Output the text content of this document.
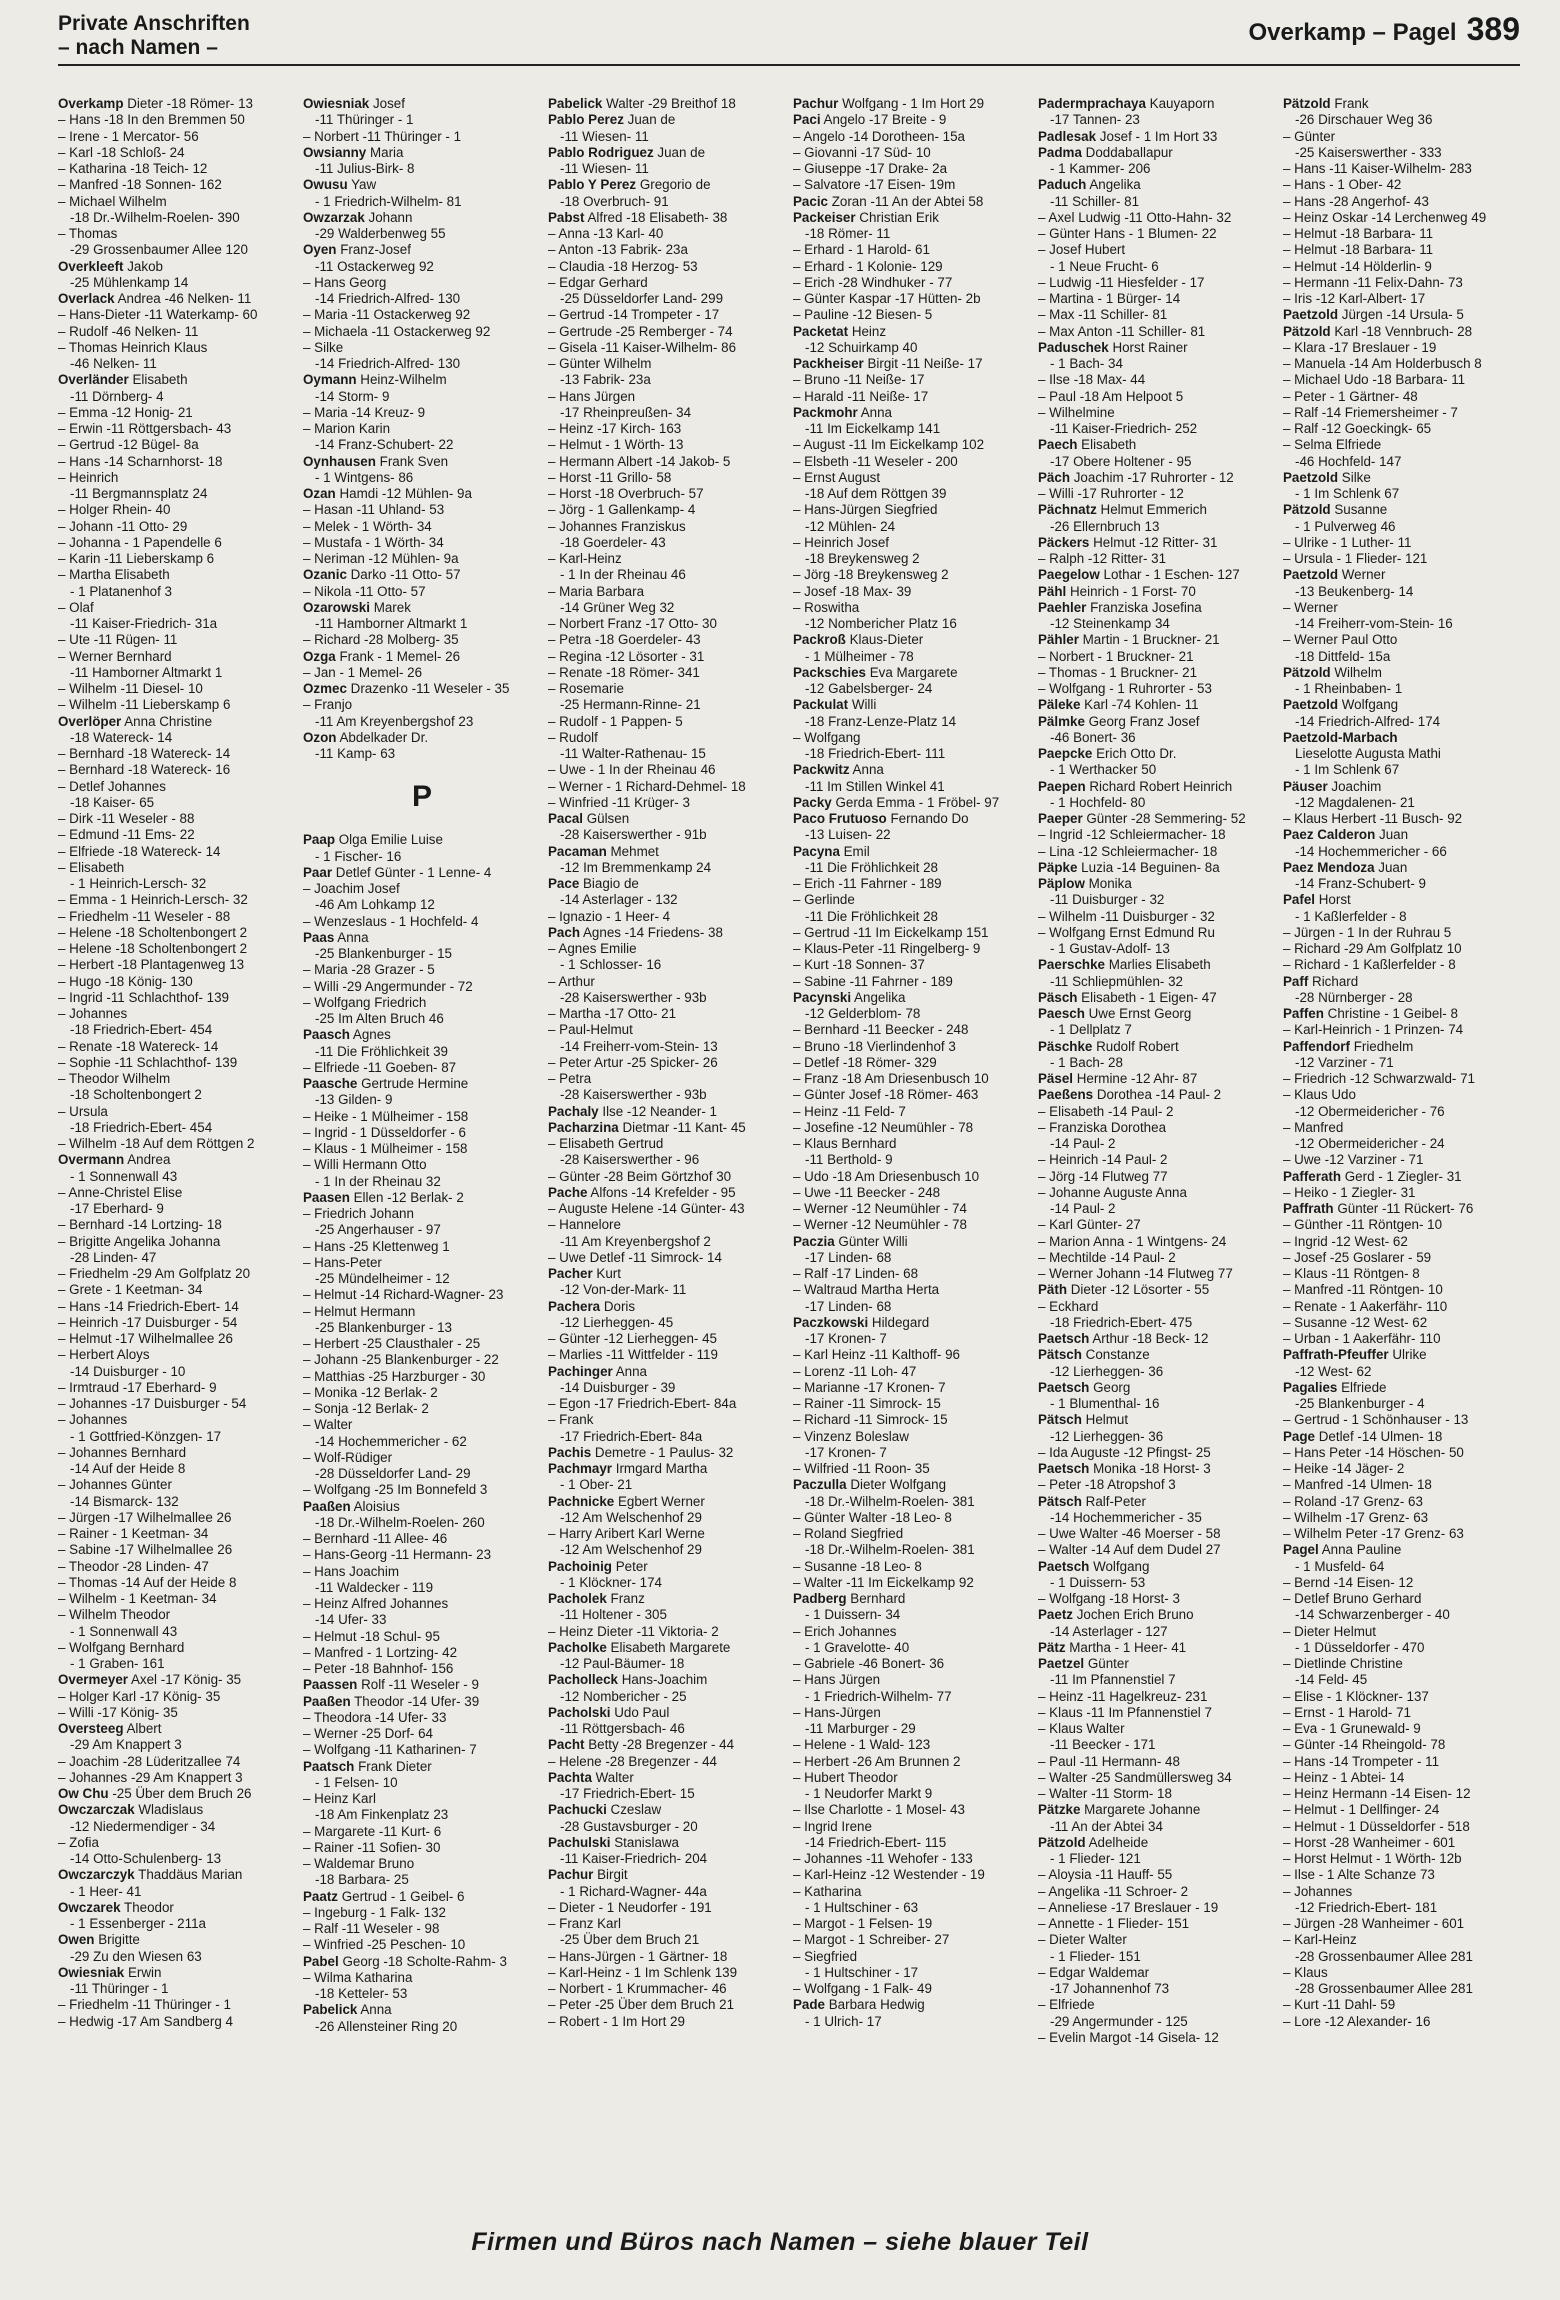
Private Anschriften
– nach Namen –
Overkamp – Pagel 389
Overkamp Dieter -18 Römer- 13
– Hans -18 In den Bremmen 50
– Irene - 1 Mercator- 56
– Karl -18 Schloß- 24
– Katharina -18 Teich- 12
– Manfred -18 Sonnen- 162
– Michael Wilhelm
-18 Dr.-Wilhelm-Roelen- 390
– Thomas
-29 Grossenbaumer Allee 120
Overkleeft Jakob
-25 Mühlenkamp 14
Overlack Andrea -46 Nelken- 11
– Hans-Dieter -11 Waterkamp- 60
– Rudolf -46 Nelken- 11
– Thomas Heinrich Klaus
-46 Nelken- 11
Overländer Elisabeth
-11 Dörnberg- 4
– Emma -12 Honig- 21
– Erwin -11 Röttgersbach- 43
– Gertrud -12 Bügel- 8a
– Hans -14 Scharnhorst- 18
– Heinrich
-11 Bergmannsplatz 24
– Holger Rhein- 40
– Johann -11 Otto- 29
– Johanna - 1 Papendelle 6
– Karin -11 Lieberskamp 6
– Martha Elisabeth
- 1 Platanenhof 3
– Olaf
-11 Kaiser-Friedrich- 31a
– Ute -11 Rügen- 11
– Werner Bernhard
-11 Hamborner Altmarkt 1
– Wilhelm -11 Diesel- 10
– Wilhelm -11 Lieberskamp 6
Overlöper Anna Christine
-18 Watereck- 14
– Bernhard -18 Watereck- 14
– Bernhard -18 Watereck- 16
– Detlef Johannes
-18 Kaiser- 65
– Dirk -11 Weseler - 88
– Edmund -11 Ems- 22
– Elfriede -18 Watereck- 14
– Elisabeth
- 1 Heinrich-Lersch- 32
– Emma - 1 Heinrich-Lersch- 32
– Friedhelm -11 Weseler - 88
– Helene -18 Scholtenbongert 2
– Helene -18 Scholtenbongert 2
– Herbert -18 Plantagenweg 13
– Hugo -18 König- 130
– Ingrid -11 Schlachthof- 139
– Johannes
-18 Friedrich-Ebert- 454
– Renate -18 Watereck- 14
– Sophie -11 Schlachthof- 139
– Theodor Wilhelm
-18 Scholtenbongert 2
– Ursula
-18 Friedrich-Ebert- 454
– Wilhelm -18 Auf dem Röttgen 2
Overmann Andrea
- 1 Sonnenwall 43
– Anne-Christel Elise
-17 Eberhard- 9
– Bernhard -14 Lortzing- 18
– Brigitte Angelika Johanna
-28 Linden- 47
– Friedhelm -29 Am Golfplatz 20
– Grete - 1 Keetman- 34
– Hans -14 Friedrich-Ebert- 14
– Heinrich -17 Duisburger - 54
– Helmut -17 Wilhelmallee 26
– Herbert Aloys
-14 Duisburger - 10
– Irmtraud -17 Eberhard- 9
– Johannes -17 Duisburger - 54
– Johannes
- 1 Gottfried-Könzgen- 17
– Johannes Bernhard
-14 Auf der Heide 8
– Johannes Günter
-14 Bismarck- 132
– Jürgen -17 Wilhelmallee 26
– Rainer - 1 Keetman- 34
– Sabine -17 Wilhelmallee 26
– Theodor -28 Linden- 47
– Thomas -14 Auf der Heide 8
– Wilhelm - 1 Keetman- 34
– Wilhelm Theodor
- 1 Sonnenwall 43
– Wolfgang Bernhard
- 1 Graben- 161
Overmeyer Axel -17 König- 35
– Holger Karl -17 König- 35
– Willi -17 König- 35
Oversteeg Albert
-29 Am Knappert 3
– Joachim -28 Lüderitzallee 74
– Johannes -29 Am Knappert 3
Ow Chu -25 Über dem Bruch 26
Owczarczak Wladislaus
-12 Niedermendiger - 34
– Zofia
-14 Otto-Schulenberg- 13
Owczarczyk Thaddäus Marian
- 1 Heer- 41
Owczarek Theodor
- 1 Essenberger - 211a
Owen Brigitte
-29 Zu den Wiesen 63
Owiesniak Erwin
-11 Thüringer - 1
– Friedhelm -11 Thüringer - 1
– Hedwig -17 Am Sandberg 4
Owiesniak Josef
-11 Thüringer - 1
– Norbert -11 Thüringer - 1
Owsianny Maria
-11 Julius-Birk- 8
Owusu Yaw
- 1 Friedrich-Wilhelm- 81
Owzarzak Johann
-29 Walderbenweg 55
Oyen Franz-Josef
-11 Ostackerweg 92
– Hans Georg
-14 Friedrich-Alfred- 130
– Maria -11 Ostackerweg 92
– Michaela -11 Ostackerweg 92
– Silke
-14 Friedrich-Alfred- 130
Oymann Heinz-Wilhelm
-14 Storm- 9
– Maria -14 Kreuz- 9
– Marion Karin
-14 Franz-Schubert- 22
Oynhausen Frank Sven
- 1 Wintgens- 86
Ozan Hamdi -12 Mühlen- 9a
– Hasan -11 Uhland- 53
– Melek - 1 Wörth- 34
– Mustafa - 1 Wörth- 34
– Neriman -12 Mühlen- 9a
Ozanic Darko -11 Otto- 57
– Nikola -11 Otto- 57
Ozarowski Marek
-11 Hamborner Altmarkt 1
– Richard -28 Molberg- 35
Ozga Frank - 1 Memel- 26
– Jan - 1 Memel- 26
Ozmec Drazenko -11 Weseler - 35
– Franjo
-11 Am Kreyenbergshof 23
Ozon Abdelkader Dr.
-11 Kamp- 63
P
Paap Olga Emilie Luise
- 1 Fischer- 16
Paar Detlef Günter - 1 Lenne- 4
– Joachim Josef
-46 Am Lohkamp 12
– Wenzeslaus - 1 Hochfeld- 4
Paas Anna
-25 Blankenburger - 15
– Maria -28 Grazer - 5
– Willi -29 Angermunder - 72
– Wolfgang Friedrich
-25 Im Alten Bruch 46
Paasch Agnes
-11 Die Fröhlichkeit 39
– Elfriede -11 Goeben- 87
Paasche Gertrude Hermine
-13 Gilden- 9
– Heike - 1 Mülheimer - 158
– Ingrid - 1 Düsseldorfer - 6
– Klaus - 1 Mülheimer - 158
– Willi Hermann Otto
- 1 In der Rheinau 32
Paasen Ellen -12 Berlak- 2
– Friedrich Johann
-25 Angerhauser - 97
– Hans -25 Klettenweg 1
– Hans-Peter
-25 Mündelheimer - 12
– Helmut -14 Richard-Wagner- 23
– Helmut Hermann
-25 Blankenburger - 13
– Herbert -25 Clausthaler - 25
– Johann -25 Blankenburger - 22
– Matthias -25 Harzburger - 30
– Monika -12 Berlak- 2
– Sonja -12 Berlak- 2
– Walter
-14 Hochemmericher - 62
– Wolf-Rüdiger
-28 Düsseldorfer Land- 29
– Wolfgang -25 Im Bonnefeld 3
Paaßen Aloisius
-18 Dr.-Wilhelm-Roelen- 260
– Bernhard -11 Allee- 46
– Hans-Georg -11 Hermann- 23
– Hans Joachim
-11 Waldecker - 119
– Heinz Alfred Johannes
-14 Ufer- 33
– Helmut -18 Schul- 95
– Manfred - 1 Lortzing- 42
– Peter -18 Bahnhof- 156
Paassen Rolf -11 Weseler - 9
Paaßen Theodor -14 Ufer- 39
– Theodora -14 Ufer- 33
– Werner -25 Dorf- 64
– Wolfgang -11 Katharinen- 7
Paatsch Frank Dieter
- 1 Felsen- 10
– Heinz Karl
-18 Am Finkenplatz 23
– Margarete -11 Kurt- 6
– Rainer -11 Sofien- 30
– Waldemar Bruno
-18 Barbara- 25
Paatz Gertrud - 1 Geibel- 6
– Ingeburg - 1 Falk- 132
– Ralf -11 Weseler - 98
– Winfried -25 Peschen- 10
Pabel Georg -18 Scholte-Rahm- 3
– Wilma Katharina
-18 Ketteler- 53
Pabelick Anna
-26 Allensteiner Ring 20
Pabelick Walter -29 Breithof 18
Pablo Perez Juan de
-11 Wiesen- 11
Pablo Rodriguez Juan de
-11 Wiesen- 11
Pablo Y Perez Gregorio de
-18 Overbruch- 91
Pabst Alfred -18 Elisabeth- 38
– Anna -13 Karl- 40
– Anton -13 Fabrik- 23a
– Claudia -18 Herzog- 53
– Edgar Gerhard
-25 Düsseldorfer Land- 299
– Gertrud -14 Trompeter - 17
– Gertrude -25 Remberger - 74
– Gisela -11 Kaiser-Wilhelm- 86
– Günter Wilhelm
-13 Fabrik- 23a
– Hans Jürgen
-17 Rheinpreußen- 34
– Heinz -17 Kirch- 163
– Helmut - 1 Wörth- 13
– Hermann Albert -14 Jakob- 5
– Horst -11 Grillo- 58
– Horst -18 Overbruch- 57
– Jörg - 1 Gallenkamp- 4
– Johannes Franziskus
-18 Goerdeler- 43
– Karl-Heinz
- 1 In der Rheinau 46
– Maria Barbara
-14 Grüner Weg 32
– Norbert Franz -17 Otto- 30
– Petra -18 Goerdeler- 43
– Regina -12 Lösorter - 31
– Renate -18 Römer- 341
– Rosemarie
-25 Hermann-Rinne- 21
– Rudolf - 1 Pappen- 5
– Rudolf
-11 Walter-Rathenau- 15
– Uwe - 1 In der Rheinau 46
– Werner - 1 Richard-Dehmel- 18
– Winfried -11 Krüger- 3
Pacal Gülsen
-28 Kaiserswerther - 91b
Pacaman Mehmet
-12 Im Bremmenkamp 24
Pace Biagio de
-14 Asterlager - 132
– Ignazio - 1 Heer- 4
Pach Agnes -14 Friedens- 38
– Agnes Emilie
- 1 Schlosser- 16
– Arthur
-28 Kaiserswerther - 93b
– Martha -17 Otto- 21
– Paul-Helmut
-14 Freiherr-vom-Stein- 13
– Peter Artur -25 Spicker- 26
– Petra
-28 Kaiserswerther - 93b
Pachaly Ilse -12 Neander- 1
Pacharzina Dietmar -11 Kant- 45
– Elisabeth Gertrud
-28 Kaiserswerther - 96
– Günter -28 Beim Görtzhof 30
Pache Alfons -14 Krefelder - 95
– Auguste Helene -14 Günter- 43
– Hannelore
-11 Am Kreyenbergshof 2
– Uwe Detlef -11 Simrock- 14
Pacher Kurt
-12 Von-der-Mark- 11
Pachera Doris
-12 Lierheggen- 45
– Günter -12 Lierheggen- 45
– Marlies -11 Wittfelder - 119
Pachinger Anna
-14 Duisburger - 39
– Egon -17 Friedrich-Ebert- 84a
– Frank
-17 Friedrich-Ebert- 84a
Pachis Demetre - 1 Paulus- 32
Pachmayr Irmgard Martha
- 1 Ober- 21
Pachnicke Egbert Werner
-12 Am Welschenhof 29
– Harry Aribert Karl Werne
-12 Am Welschenhof 29
Pachoinig Peter
- 1 Klöckner- 174
Pacholek Franz
-11 Holtener - 305
– Heinz Dieter -11 Viktoria- 2
Pacholke Elisabeth Margarete
-12 Paul-Bäumer- 18
Pacholleck Hans-Joachim
-12 Nombericher - 25
Pacholski Udo Paul
-11 Röttgersbach- 46
Pacht Betty -28 Bregenzer - 44
– Helene -28 Bregenzer - 44
Pachta Walter
-17 Friedrich-Ebert- 15
Pachucki Czeslaw
-28 Gustavsburger - 20
Pachulski Stanislawa
-11 Kaiser-Friedrich- 204
Pachur Birgit
- 1 Richard-Wagner- 44a
– Dieter - 1 Neudorfer - 191
– Franz Karl
-25 Über dem Bruch 21
– Hans-Jürgen - 1 Gärtner- 18
– Karl-Heinz - 1 Im Schlenk 139
– Norbert - 1 Krummacher- 46
– Peter -25 Über dem Bruch 21
– Robert - 1 Im Hort 29
Pachur Wolfgang - 1 Im Hort 29
Paci Angelo -17 Breite - 9
– Angelo -14 Dorotheen- 15a
– Giovanni -17 Süd- 10
– Giuseppe -17 Drake- 2a
– Salvatore -17 Eisen- 19m
Pacic Zoran -11 An der Abtei 58
Packeiser Christian Erik
-18 Römer- 11
– Erhard - 1 Harold- 61
– Erhard - 1 Kolonie- 129
– Erich -28 Windhuker - 77
– Günter Kaspar -17 Hütten- 2b
– Pauline -12 Biesen- 5
Packetat Heinz
-12 Schuirkamp 40
Packheiser Birgit -11 Neiße- 17
– Bruno -11 Neiße- 17
– Harald -11 Neiße- 17
Packmohr Anna
-11 Im Eickelkamp 141
– August -11 Im Eickelkamp 102
– Elsbeth -11 Weseler - 200
– Ernst August
-18 Auf dem Röttgen 39
– Hans-Jürgen Siegfried
-12 Mühlen- 24
– Heinrich Josef
-18 Breykensweg 2
– Jörg -18 Breykensweg 2
– Josef -18 Max- 39
– Roswitha
-12 Nombericher Platz 16
Packroß Klaus-Dieter
- 1 Mülheimer - 78
Packschies Eva Margarete
-12 Gabelsberger- 24
Packulat Willi
-18 Franz-Lenze-Platz 14
– Wolfgang
-18 Friedrich-Ebert- 111
Packwitz Anna
-11 Im Stillen Winkel 41
Packy Gerda Emma - 1 Fröbel- 97
Paco Frutuoso Fernando Do
-13 Luisen- 22
Pacyna Emil
-11 Die Fröhlichkeit 28
– Erich -11 Fahrner - 189
– Gerlinde
-11 Die Fröhlichkeit 28
– Gertrud -11 Im Eickelkamp 151
– Klaus-Peter -11 Ringelberg- 9
– Kurt -18 Sonnen- 37
– Sabine -11 Fahrner - 189
Pacynski Angelika
-12 Gelderblom- 78
– Bernhard -11 Beecker - 248
– Bruno -18 Vierlindenhof 3
– Detlef -18 Römer- 329
– Franz -18 Am Driesenbusch 10
– Günter Josef -18 Römer- 463
– Heinz -11 Feld- 7
– Josefine -12 Neumühler - 78
– Klaus Bernhard
-11 Berthold- 9
– Udo -18 Am Driesenbusch 10
– Uwe -11 Beecker - 248
– Werner -12 Neumühler - 74
– Werner -12 Neumühler - 78
Paczia Günter Willi
-17 Linden- 68
– Ralf -17 Linden- 68
– Waltraud Martha Herta
-17 Linden- 68
Paczkowski Hildegard
-17 Kronen- 7
– Karl Heinz -11 Kalthoff- 96
– Lorenz -11 Loh- 47
– Marianne -17 Kronen- 7
– Rainer -11 Simrock- 15
– Richard -11 Simrock- 15
– Vinzenz Boleslaw
-17 Kronen- 7
– Wilfried -11 Roon- 35
Paczulla Dieter Wolfgang
-18 Dr.-Wilhelm-Roelen- 381
– Günter Walter -18 Leo- 8
– Roland Siegfried
-18 Dr.-Wilhelm-Roelen- 381
– Susanne -18 Leo- 8
– Walter -11 Im Eickelkamp 92
Padberg Bernhard
- 1 Duissern- 34
– Erich Johannes
- 1 Gravelotte- 40
– Gabriele -46 Bonert- 36
– Hans Jürgen
- 1 Friedrich-Wilhelm- 77
– Hans-Jürgen
-11 Marburger - 29
– Helene - 1 Wald- 123
– Herbert -26 Am Brunnen 2
– Hubert Theodor
- 1 Neudorfer Markt 9
– Ilse Charlotte - 1 Mosel- 43
– Ingrid Irene
-14 Friedrich-Ebert- 115
– Johannes -11 Wehofer - 133
– Karl-Heinz -12 Westender - 19
– Katharina
- 1 Hultschiner - 63
– Margot - 1 Felsen- 19
– Margot - 1 Schreiber- 27
– Siegfried
- 1 Hultschiner - 17
– Wolfgang - 1 Falk- 49
Pade Barbara Hedwig
- 1 Ulrich- 17
Padermprachaya Kauyaporn
-17 Tannen- 23
Padlesak Josef - 1 Im Hort 33
Padma Doddaballapur
- 1 Kammer- 206
Paduch Angelika
-11 Schiller- 81
– Axel Ludwig -11 Otto-Hahn- 32
– Günter Hans - 1 Blumen- 22
– Josef Hubert
- 1 Neue Frucht- 6
– Ludwig -11 Hiesfelder - 17
– Martina - 1 Bürger- 14
– Max -11 Schiller- 81
– Max Anton -11 Schiller- 81
Paduschek Horst Rainer
- 1 Bach- 34
– Ilse -18 Max- 44
– Paul -18 Am Helpoot 5
– Wilhelmine
-11 Kaiser-Friedrich- 252
Paech Elisabeth
-17 Obere Holtener - 95
Päch Joachim -17 Ruhrorter - 12
– Willi -17 Ruhrorter - 12
Pächnatz Helmut Emmerich
-26 Ellernbruch 13
Päckers Helmut -12 Ritter- 31
– Ralph -12 Ritter- 31
Paegelow Lothar - 1 Eschen- 127
Pähl Heinrich - 1 Forst- 70
Paehler Franziska Josefina
-12 Steinenkamp 34
Pähler Martin - 1 Bruckner- 21
– Norbert - 1 Bruckner- 21
– Thomas - 1 Bruckner- 21
– Wolfgang - 1 Ruhrorter - 53
Päleke Karl -74 Kohlen- 11
Pälmke Georg Franz Josef
-46 Bonert- 36
Paepcke Erich Otto Dr.
- 1 Werthacker 50
Paepen Richard Robert Heinrich
- 1 Hochfeld- 80
Paeper Günter -28 Semmering- 52
– Ingrid -12 Schleiermacher- 18
– Lina -12 Schleiermacher- 18
Päpke Luzia -14 Beguinen- 8a
Päplow Monika
-11 Duisburger - 32
– Wilhelm -11 Duisburger - 32
– Wolfgang Ernst Edmund Ru
- 1 Gustav-Adolf- 13
Paerschke Marlies Elisabeth
-11 Schliepmühlen- 32
Päsch Elisabeth - 1 Eigen- 47
Paesch Uwe Ernst Georg
- 1 Dellplatz 7
Päschke Rudolf Robert
- 1 Bach- 28
Päsel Hermine -12 Ahr- 87
Paeßens Dorothea -14 Paul- 2
– Elisabeth -14 Paul- 2
– Franziska Dorothea
-14 Paul- 2
– Heinrich -14 Paul- 2
– Jörg -14 Flutweg 77
– Johanne Auguste Anna
-14 Paul- 2
– Karl Günter- 27
– Marion Anna - 1 Wintgens- 24
– Mechtilde -14 Paul- 2
– Werner Johann -14 Flutweg 77
Päth Dieter -12 Lösorter - 55
– Eckhard
-18 Friedrich-Ebert- 475
Paetsch Arthur -18 Beck- 12
Pätsch Constanze
-12 Lierheggen- 36
Paetsch Georg
- 1 Blumenthal- 16
Pätsch Helmut
-12 Lierheggen- 36
– Ida Auguste -12 Pfingst- 25
Paetsch Monika -18 Horst- 3
– Peter -18 Atropshof 3
Pätsch Ralf-Peter
-14 Hochemmericher - 35
– Uwe Walter -46 Moerser - 58
– Walter -14 Auf dem Dudel 27
Paetsch Wolfgang
- 1 Duissern- 53
– Wolfgang -18 Horst- 3
Paetz Jochen Erich Bruno
-14 Asterlager - 127
Pätz Martha - 1 Heer- 41
Paetzel Günter
-11 Im Pfannenstiel 7
– Heinz -11 Hagelkreuz- 231
– Klaus -11 Im Pfannenstiel 7
– Klaus Walter
-11 Beecker - 171
– Paul -11 Hermann- 48
– Walter -25 Sandmüllersweg 34
– Walter -11 Storm- 18
Pätzke Margarete Johanne
-11 An der Abtei 34
Pätzold Adelheide
- 1 Flieder- 121
– Aloysia -11 Hauff- 55
– Angelika -11 Schroer- 2
– Anneliese -17 Breslauer - 19
– Annette - 1 Flieder- 151
– Dieter Walter
- 1 Flieder- 151
– Edgar Waldemar
-17 Johannenhof 73
– Elfriede
-29 Angermunder - 125
– Evelin Margot -14 Gisela- 12
Pätzold Frank
-26 Dirschauer Weg 36
– Günter
-25 Kaiserswerther - 333
– Hans -11 Kaiser-Wilhelm- 283
– Hans - 1 Ober- 42
– Hans -28 Angerhof- 43
– Heinz Oskar -14 Lerchenweg 49
– Helmut -18 Barbara- 11
– Helmut -18 Barbara- 11
– Helmut -14 Hölderlin- 9
– Hermann -11 Felix-Dahn- 73
– Iris -12 Karl-Albert- 17
Paetzold Jürgen -14 Ursula- 5
Pätzold Karl -18 Vennbruch- 28
– Klara -17 Breslauer - 19
– Manuela -14 Am Holderbusch 8
– Michael Udo -18 Barbara- 11
– Peter - 1 Gärtner- 48
– Ralf -14 Friemersheimer - 7
– Ralf -12 Goeckingk- 65
– Selma Elfriede
-46 Hochfeld- 147
Paetzold Silke
- 1 Im Schlenk 67
Pätzold Susanne
- 1 Pulverweg 46
– Ulrike - 1 Luther- 11
– Ursula - 1 Flieder- 121
Paetzold Werner
-13 Beukenberg- 14
– Werner
-14 Freiherr-vom-Stein- 16
– Werner Paul Otto
-18 Dittfeld- 15a
Pätzold Wilhelm
- 1 Rheinbaben- 1
Paetzold Wolfgang
-14 Friedrich-Alfred- 174
Paetzold-Marbach
Lieselotte Augusta Mathi
- 1 Im Schlenk 67
Päuser Joachim
-12 Magdalenen- 21
– Klaus Herbert -11 Busch- 92
Paez Calderon Juan
-14 Hochemmericher - 66
Paez Mendoza Juan
-14 Franz-Schubert- 9
Pafel Horst
- 1 Kaßlerfelder - 8
– Jürgen - 1 In der Ruhrau 5
– Richard -29 Am Golfplatz 10
– Richard - 1 Kaßlerfelder - 8
Paff Richard
-28 Nürnberger - 28
Paffen Christine - 1 Geibel- 8
– Karl-Heinrich - 1 Prinzen- 74
Paffendorf Friedhelm
-12 Varziner - 71
– Friedrich -12 Schwarzwald- 71
– Klaus Udo
-12 Obermeidericher - 76
– Manfred
-12 Obermeidericher - 24
– Uwe -12 Varziner - 71
Pafferath Gerd - 1 Ziegler- 31
– Heiko - 1 Ziegler- 31
Paffrath Günter -11 Rückert- 76
– Günther -11 Röntgen- 10
– Ingrid -12 West- 62
– Josef -25 Goslarer - 59
– Klaus -11 Röntgen- 8
– Manfred -11 Röntgen- 10
– Renate - 1 Aakerfähr- 110
– Susanne -12 West- 62
– Urban - 1 Aakerfähr- 110
Paffrath-Pfeuffer Ulrike
-12 West- 62
Pagalies Elfriede
-25 Blankenburger - 4
– Gertrud - 1 Schönhauser - 13
Page Detlef -14 Ulmen- 18
– Hans Peter -14 Höschen- 50
– Heike -14 Jäger- 2
– Manfred -14 Ulmen- 18
– Roland -17 Grenz- 63
– Wilhelm -17 Grenz- 63
– Wilhelm Peter -17 Grenz- 63
Pagel Anna Pauline
- 1 Musfeld- 64
– Bernd -14 Eisen- 12
– Detlef Bruno Gerhard
-14 Schwarzenberger - 40
– Dieter Helmut
- 1 Düsseldorfer - 470
– Dietlinde Christine
-14 Feld- 45
– Elise - 1 Klöckner- 137
– Ernst - 1 Harold- 71
– Eva - 1 Grunewald- 9
– Günter -14 Rheingold- 78
– Hans -14 Trompeter - 11
– Heinz - 1 Abtei- 14
– Heinz Hermann -14 Eisen- 12
– Helmut - 1 Dellfinger- 24
– Helmut - 1 Düsseldorfer - 518
– Horst -28 Wanheimer - 601
– Horst Helmut - 1 Wörth- 12b
– Ilse - 1 Alte Schanze 73
– Johannes
-12 Friedrich-Ebert- 181
– Jürgen -28 Wanheimer - 601
– Karl-Heinz
-28 Grossenbaumer Allee 281
– Klaus
-28 Grossenbaumer Allee 281
– Kurt -11 Dahl- 59
– Lore -12 Alexander- 16
Firmen und Büros nach Namen – siehe blauer Teil
